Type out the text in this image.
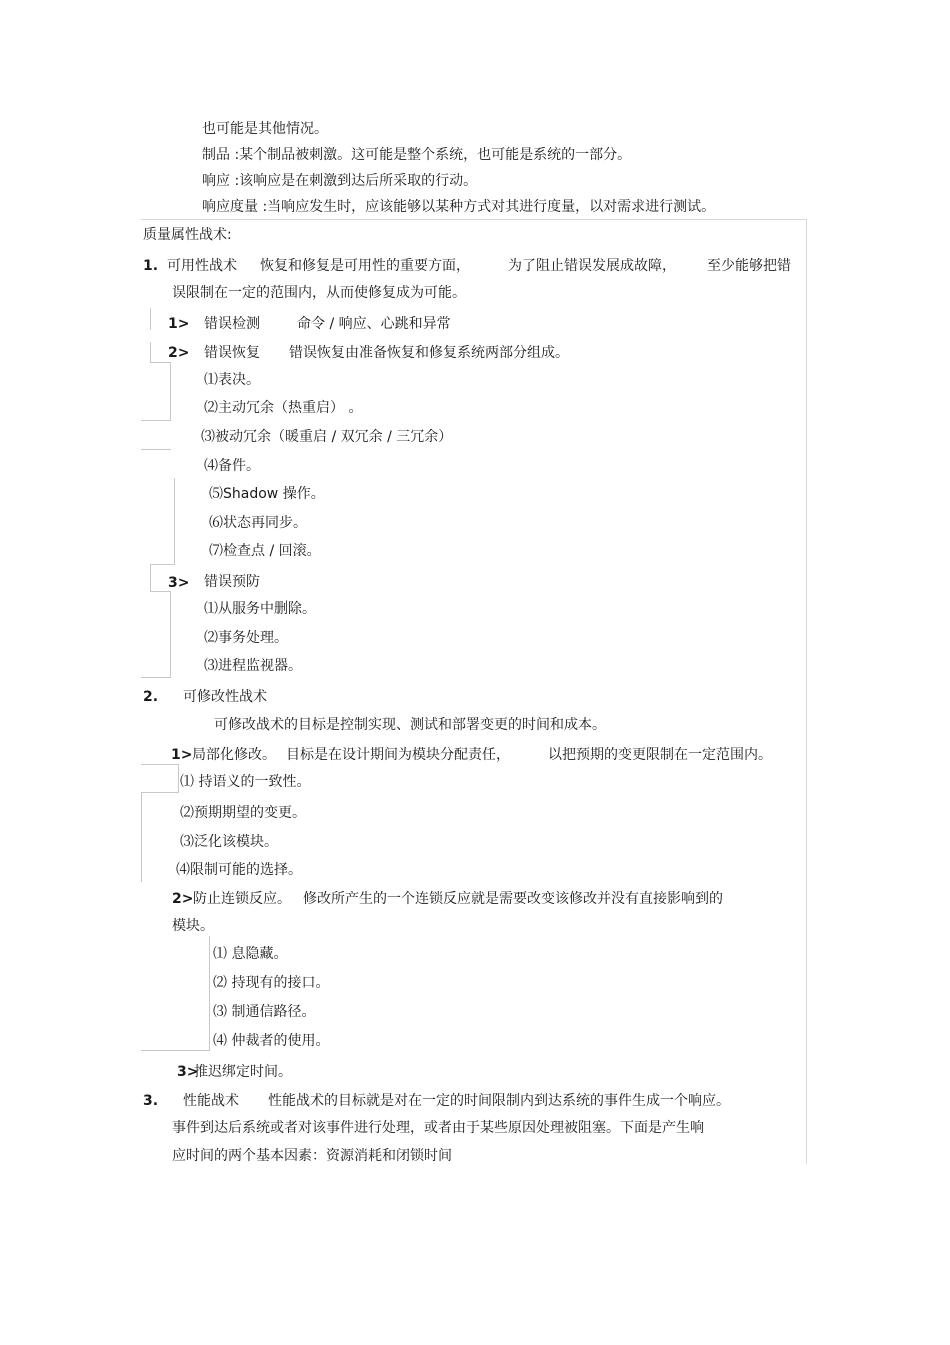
也可能是其他情况。
制品 :某个制品被刺激。这可能是整个系统，也可能是系统的一部分。
响应 :该响应是在刺激到达后所采取的行动。
响应度量 :当响应发生时，应该能够以某种方式对其进行度量，以对需求进行测试。
质量属性战术:
1. 可用性战术 恢复和修复是可用性的重要方面，	为了阻止错误发展成故障， 至少能够把错
误限制在一定的范围内，从而使修复成为可能。
1> 错误检测	命令 / 响应、心跳和异常
2> 错误恢复 错误恢复由准备恢复和修复系统两部分组成。
⑴表决。
⑵主动冗余（热重启） 。
⑶被动冗余（暖重启 / 双冗余 / 三冗余）
⑷备件。
⑸Shadow 操作。
⑹状态再同步。
⑺检查点 / 回滚。
3> 错误预防
⑴从服务中删除。
⑵事务处理。
⑶进程监视器。
2. 可修改性战术
可修改战术的目标是控制实现、测试和部署变更的时间和成本。
1> 局部化修改。 目标是在设计期间为模块分配责任，	以把预期的变更限制在一定范围内。
⑴ 持语义的一致性。
⑵预期期望的变更。
⑶泛化该模块。
⑷限制可能的选择。
2> 防止连锁反应。 修改所产生的一个连锁反应就是需要改变该修改并没有直接影响到的
模块。
⑴ 息隐藏。
⑵ 持现有的接口。
⑶ 制通信路径。
⑷ 仲裁者的使用。
3>
推迟绑定时间。
3. 性能战术 性能战术的目标就是对在一定的时间限制内到达系统的事件生成一个响应。
事件到达后系统或者对该事件进行处理，或者由于某些原因处理被阻塞。下面是产生响
应时间的两个基本因素：资源消耗和闭锁时间
